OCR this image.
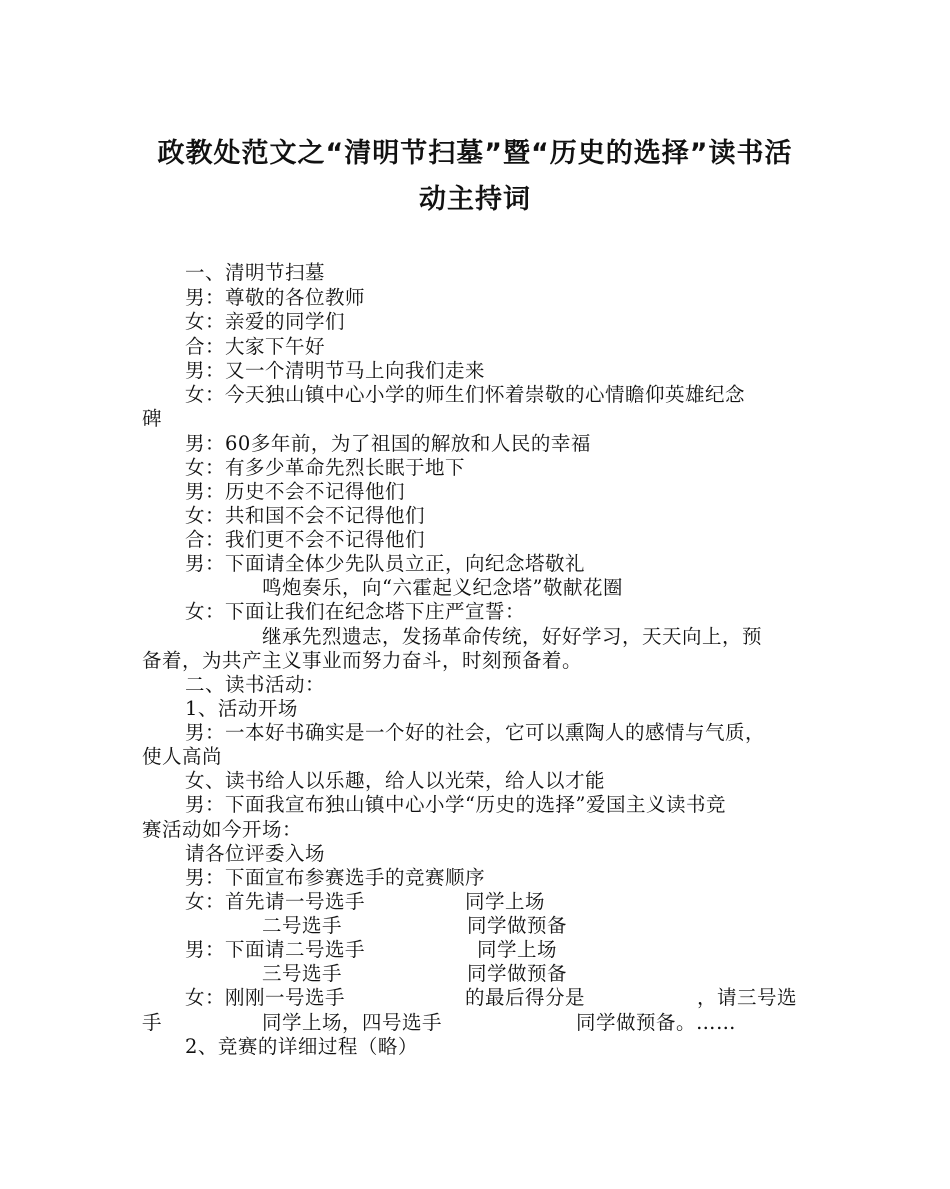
政教处范文之“清明节扫墓”暨“历史的选择”读书活
动主持词
一、清明节扫墓
男：尊敬的各位教师
女：亲爱的同学们
合：大家下午好
男：又一个清明节马上向我们走来
女：今天独山镇中心小学的师生们怀着崇敬的心情瞻仰英雄纪念
碑
男：60多年前，为了祖国的解放和人民的幸福
女：有多少革命先烈长眠于地下
男：历史不会不记得他们
女：共和国不会不记得他们
合：我们更不会不记得他们
男：下面请全体少先队员立正，向纪念塔敬礼
鸣炮奏乐，向“六霍起义纪念塔”敬献花圈
女：下面让我们在纪念塔下庄严宣誓：
继承先烈遗志，发扬革命传统，好好学习，天天向上，预
备着，为共产主义事业而努力奋斗，时刻预备着。
二、读书活动：
1、活动开场
男：一本好书确实是一个好的社会，它可以熏陶人的感情与气质，
使人高尚
女、读书给人以乐趣，给人以光荣，给人以才能
男：下面我宣布独山镇中心小学“历史的选择”爱国主义读书竞
赛活动如今开场：
请各位评委入场
男：下面宣布参赛选手的竞赛顺序
女：首先请一号选手	同学上场
二号选手	同学做预备
男：下面请二号选手	同学上场
三号选手	同学做预备
女：刚刚一号选手	的最后得分是	，请三号选
手	同学上场，四号选手	同学做预备。……
2、竞赛的详细过程（略）
